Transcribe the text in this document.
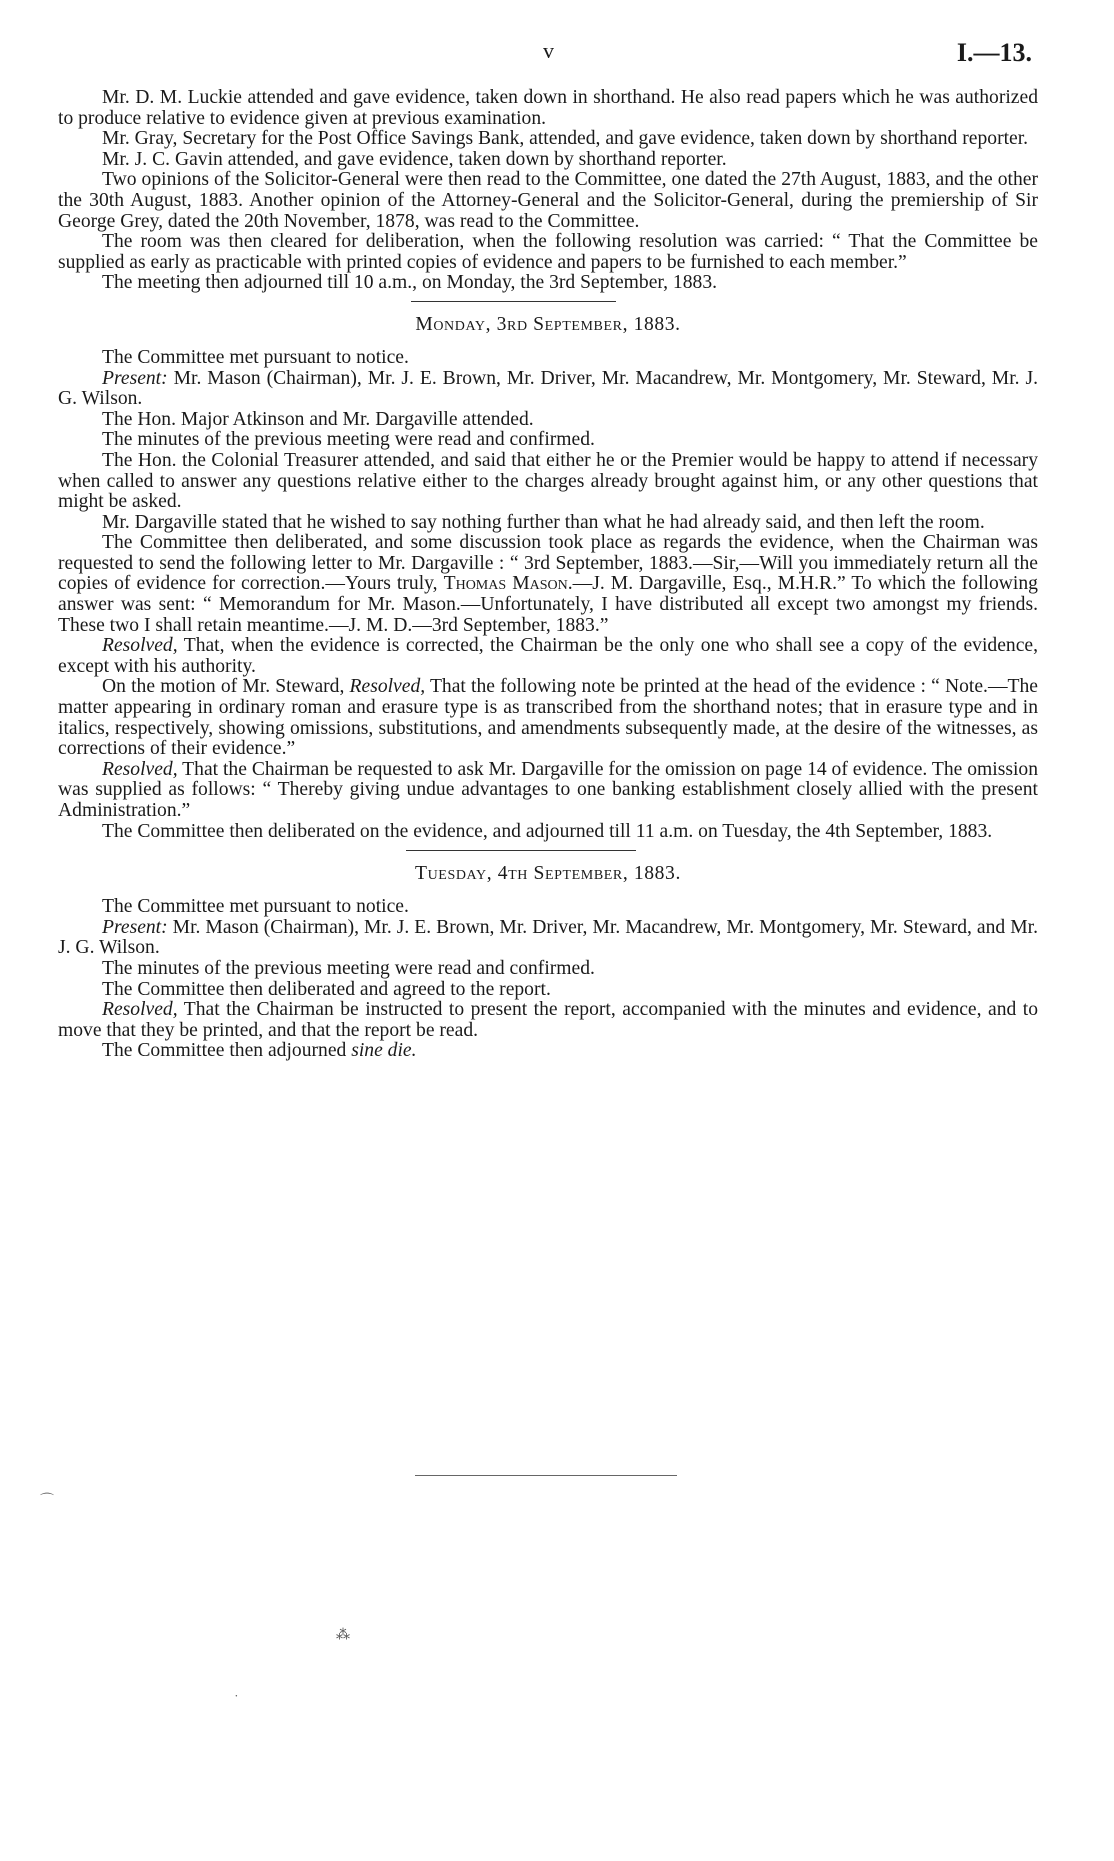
v	I.—13.

Mr. D. M. Luckie attended and gave evidence, taken down in shorthand. He also read papers which he was authorized to produce relative to evidence given at previous examination.

Mr. Gray, Secretary for the Post Office Savings Bank, attended, and gave evidence, taken down by shorthand reporter.

Mr. J. C. Gavin attended, and gave evidence, taken down by shorthand reporter.

Two opinions of the Solicitor-General were then read to the Committee, one dated the 27th August, 1883, and the other the 30th August, 1883. Another opinion of the Attorney-General and the Solicitor-General, during the premiership of Sir George Grey, dated the 20th November, 1878, was read to the Committee.

The room was then cleared for deliberation, when the following resolution was carried: “ That the Committee be supplied as early as practicable with printed copies of evidence and papers to be furnished to each member.”

The meeting then adjourned till 10 a.m., on Monday, the 3rd September, 1883.

Monday, 3rd September, 1883.

The Committee met pursuant to notice.

Present: Mr. Mason (Chairman), Mr. J. E. Brown, Mr. Driver, Mr. Macandrew, Mr. Montgomery, Mr. Steward, Mr. J. G. Wilson.

The Hon. Major Atkinson and Mr. Dargaville attended.

The minutes of the previous meeting were read and confirmed.

The Hon. the Colonial Treasurer attended, and said that either he or the Premier would be happy to attend if necessary when called to answer any questions relative either to the charges already brought against him, or any other questions that might be asked.

Mr. Dargaville stated that he wished to say nothing further than what he had already said, and then left the room.

The Committee then deliberated, and some discussion took place as regards the evidence, when the Chairman was requested to send the following letter to Mr. Dargaville : “ 3rd September, 1883.—Sir,—Will you immediately return all the copies of evidence for correction.—Yours truly, Thomas Mason.—J. M. Dargaville, Esq., M.H.R.” To which the following answer was sent: “ Memorandum for Mr. Mason.—Unfortunately, I have distributed all except two amongst my friends. These two I shall retain meantime.—J. M. D.—3rd September, 1883.”

Resolved, That, when the evidence is corrected, the Chairman be the only one who shall see a copy of the evidence, except with his authority.

On the motion of Mr. Steward, Resolved, That the following note be printed at the head of the evidence : “ Note.—The matter appearing in ordinary roman and erasure type is as transcribed from the shorthand notes; that in erasure type and in italics, respectively, showing omissions, substitutions, and amendments subsequently made, at the desire of the witnesses, as corrections of their evidence.”

Resolved, That the Chairman be requested to ask Mr. Dargaville for the omission on page 14 of evidence. The omission was supplied as follows: “ Thereby giving undue advantages to one banking establishment closely allied with the present Administration.”

The Committee then deliberated on the evidence, and adjourned till 11 a.m. on Tuesday, the 4th September, 1883.

Tuesday, 4th September, 1883.

The Committee met pursuant to notice.

Present: Mr. Mason (Chairman), Mr. J. E. Brown, Mr. Driver, Mr. Macandrew, Mr. Montgomery, Mr. Steward, and Mr. J. G. Wilson.

The minutes of the previous meeting were read and confirmed.

The Committee then deliberated and agreed to the report.

Resolved, That the Chairman be instructed to present the report, accompanied with the minutes and evidence, and to move that they be printed, and that the report be read.

The Committee then adjourned sine die.

⌒
⁂
˙
